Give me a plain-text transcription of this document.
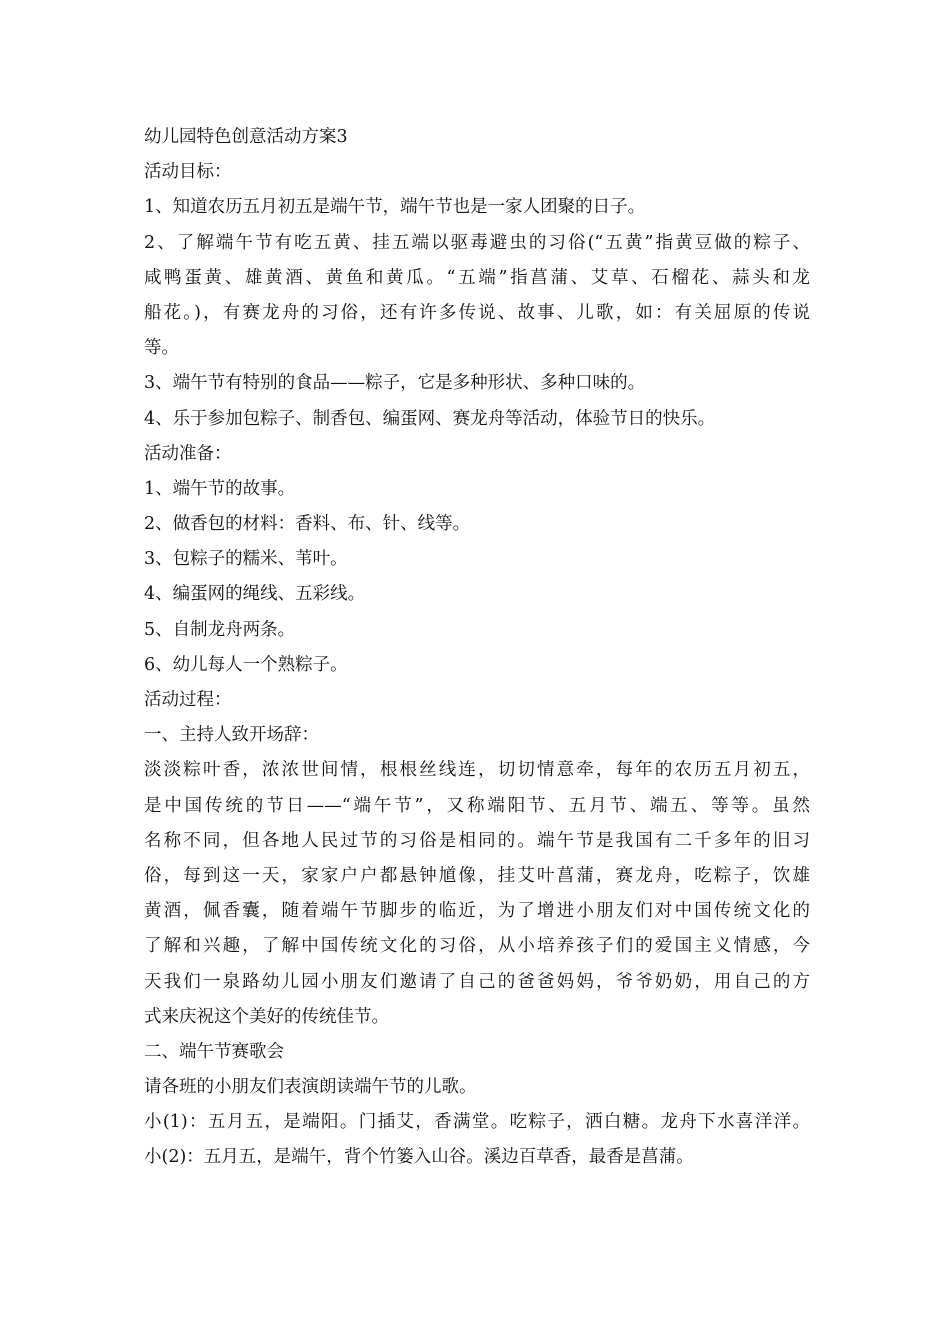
幼儿园特色创意活动方案3
活动目标：
1、知道农历五月初五是端午节，端午节也是一家人团聚的日子。
2、了解端午节有吃五黄、挂五端以驱毒避虫的习俗(“五黄”指黄豆做的粽子、
咸鸭蛋黄、雄黄酒、黄鱼和黄瓜。“五端”指菖蒲、艾草、石榴花、蒜头和龙
船花。)，有赛龙舟的习俗，还有许多传说、故事、儿歌，如：有关屈原的传说
等。
3、端午节有特别的食品——粽子，它是多种形状、多种口味的。
4、乐于参加包粽子、制香包、编蛋网、赛龙舟等活动，体验节日的快乐。
活动准备：
1、端午节的故事。
2、做香包的材料：香料、布、针、线等。
3、包粽子的糯米、苇叶。
4、编蛋网的绳线、五彩线。
5、自制龙舟两条。
6、幼儿每人一个熟粽子。
活动过程：
一、主持人致开场辞：
淡淡粽叶香，浓浓世间情，根根丝线连，切切情意牵，每年的农历五月初五，
是中国传统的节日——“端午节”，又称端阳节、五月节、端五、等等。虽然
名称不同，但各地人民过节的习俗是相同的。端午节是我国有二千多年的旧习
俗，每到这一天，家家户户都悬钟馗像，挂艾叶菖蒲，赛龙舟，吃粽子，饮雄
黄酒，佩香囊，随着端午节脚步的临近，为了增进小朋友们对中国传统文化的
了解和兴趣，了解中国传统文化的习俗，从小培养孩子们的爱国主义情感，今
天我们一泉路幼儿园小朋友们邀请了自己的爸爸妈妈，爷爷奶奶，用自己的方
式来庆祝这个美好的传统佳节。
二、端午节赛歌会
请各班的小朋友们表演朗读端午节的儿歌。
小(1)：五月五，是端阳。门插艾，香满堂。吃粽子，洒白糖。龙舟下水喜洋洋。
小(2)：五月五，是端午，背个竹篓入山谷。溪边百草香，最香是菖蒲。
